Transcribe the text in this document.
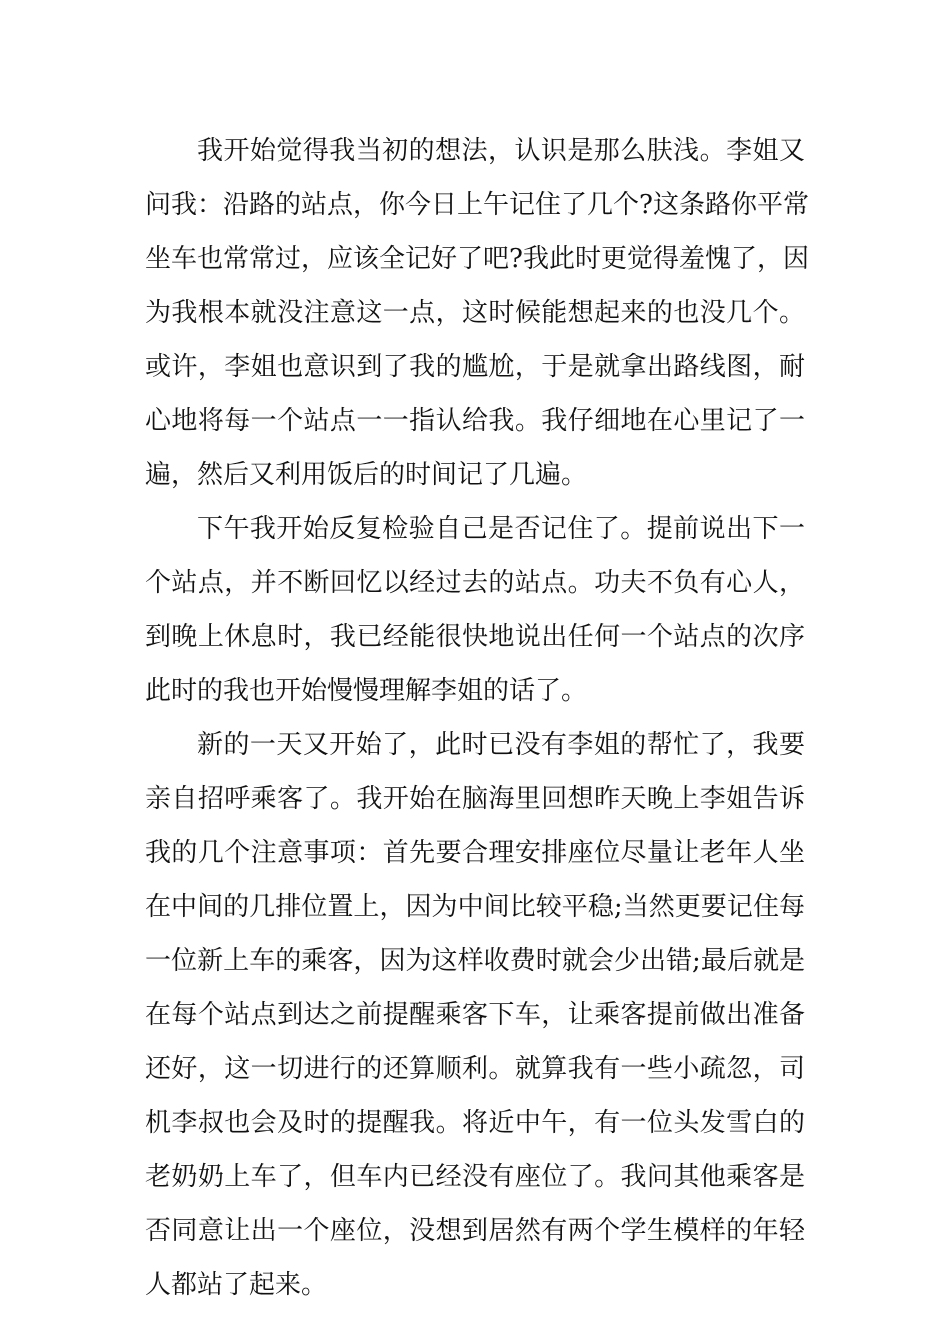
我开始觉得我当初的想法，认识是那么肤浅。李姐又
问我：沿路的站点，你今日上午记住了几个?这条路你平常
坐车也常常过，应该全记好了吧?我此时更觉得羞愧了，因
为我根本就没注意这一点，这时候能想起来的也没几个。
或许，李姐也意识到了我的尴尬，于是就拿出路线图，耐
心地将每一个站点一一指认给我。我仔细地在心里记了一
遍，然后又利用饭后的时间记了几遍。
下午我开始反复检验自己是否记住了。提前说出下一
个站点，并不断回忆以经过去的站点。功夫不负有心人，
到晚上休息时，我已经能很快地说出任何一个站点的次序
此时的我也开始慢慢理解李姐的话了。
新的一天又开始了，此时已没有李姐的帮忙了，我要
亲自招呼乘客了。我开始在脑海里回想昨天晚上李姐告诉
我的几个注意事项：首先要合理安排座位尽量让老年人坐
在中间的几排位置上，因为中间比较平稳;当然更要记住每
一位新上车的乘客，因为这样收费时就会少出错;最后就是
在每个站点到达之前提醒乘客下车，让乘客提前做出准备
还好，这一切进行的还算顺利。就算我有一些小疏忽，司
机李叔也会及时的提醒我。将近中午，有一位头发雪白的
老奶奶上车了，但车内已经没有座位了。我问其他乘客是
否同意让出一个座位，没想到居然有两个学生模样的年轻
人都站了起来。
